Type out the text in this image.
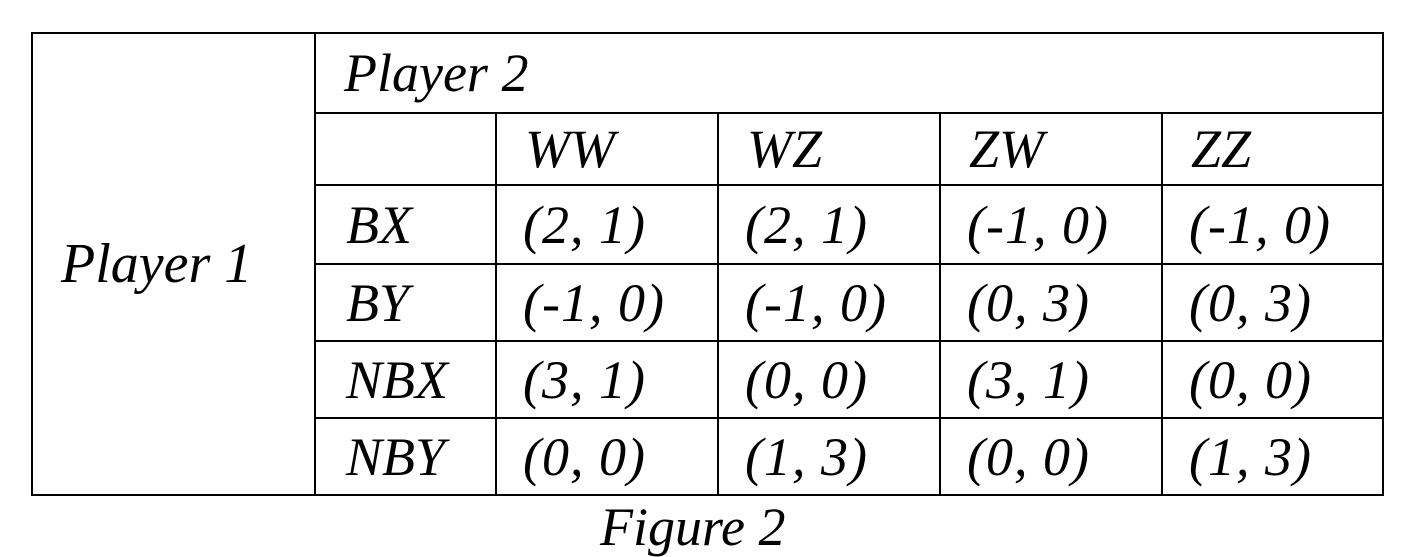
Player 1	Player 2				
		WW	WZ	ZW	ZZ
	BX	(2, 1)	(2, 1)	(-1, 0)	(-1, 0)
	BY	(-1, 0)	(-1, 0)	(0, 3)	(0, 3)
	NBX	(3, 1)	(0, 0)	(3, 1)	(0, 0)
	NBY	(0, 0)	(1, 3)	(0, 0)	(1, 3)
Figure 2
